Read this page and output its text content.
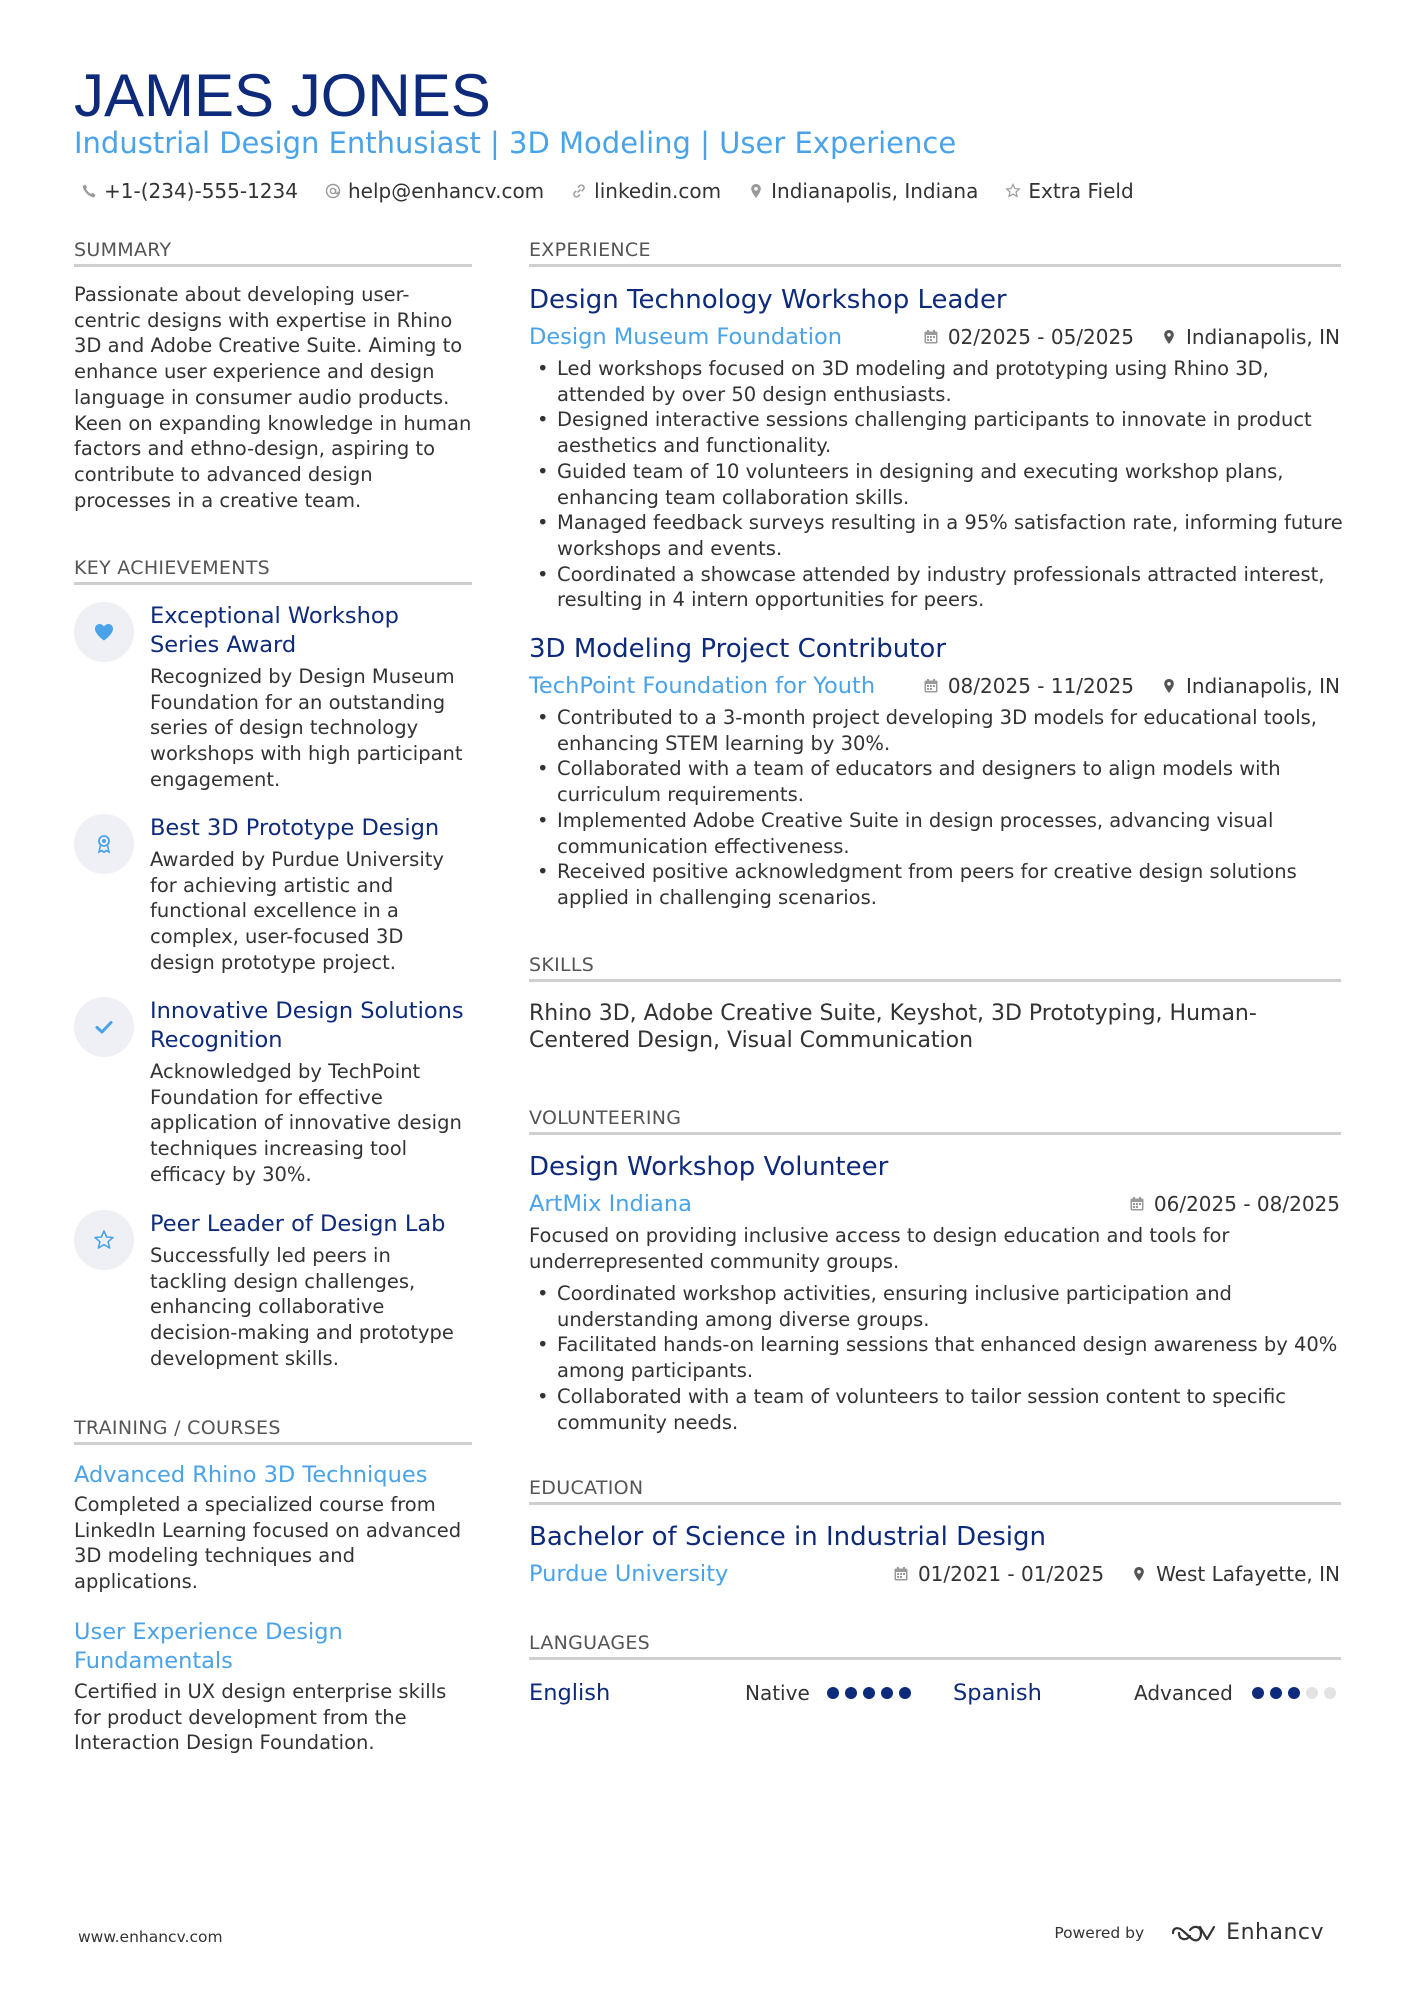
JAMES JONES
Industrial Design Enthusiast | 3D Modeling | User Experience
+1-(234)-555-1234	help@enhancv.com	linkedin.com	Indianapolis, Indiana	Extra Field
SUMMARY
Passionate about developing user-centric designs with expertise in Rhino 3D and Adobe Creative Suite. Aiming to enhance user experience and design language in consumer audio products. Keen on expanding knowledge in human factors and ethno-design, aspiring to contribute to advanced design processes in a creative team.
KEY ACHIEVEMENTS
Exceptional Workshop Series Award
Recognized by Design Museum Foundation for an outstanding series of design technology workshops with high participant engagement.
Best 3D Prototype Design
Awarded by Purdue University for achieving artistic and functional excellence in a complex, user-focused 3D design prototype project.
Innovative Design Solutions Recognition
Acknowledged by TechPoint Foundation for effective application of innovative design techniques increasing tool efficacy by 30%.
Peer Leader of Design Lab
Successfully led peers in tackling design challenges, enhancing collaborative decision-making and prototype development skills.
TRAINING / COURSES
Advanced Rhino 3D Techniques
Completed a specialized course from LinkedIn Learning focused on advanced 3D modeling techniques and applications.
User Experience Design Fundamentals
Certified in UX design enterprise skills for product development from the Interaction Design Foundation.
EXPERIENCE
Design Technology Workshop Leader
Design Museum Foundation	02/2025 - 05/2025	Indianapolis, IN
• Led workshops focused on 3D modeling and prototyping using Rhino 3D, attended by over 50 design enthusiasts.
• Designed interactive sessions challenging participants to innovate in product aesthetics and functionality.
• Guided team of 10 volunteers in designing and executing workshop plans, enhancing team collaboration skills.
• Managed feedback surveys resulting in a 95% satisfaction rate, informing future workshops and events.
• Coordinated a showcase attended by industry professionals attracted interest, resulting in 4 intern opportunities for peers.
3D Modeling Project Contributor
TechPoint Foundation for Youth	08/2025 - 11/2025	Indianapolis, IN
• Contributed to a 3-month project developing 3D models for educational tools, enhancing STEM learning by 30%.
• Collaborated with a team of educators and designers to align models with curriculum requirements.
• Implemented Adobe Creative Suite in design processes, advancing visual communication effectiveness.
• Received positive acknowledgment from peers for creative design solutions applied in challenging scenarios.
SKILLS
Rhino 3D, Adobe Creative Suite, Keyshot, 3D Prototyping, Human-Centered Design, Visual Communication
VOLUNTEERING
Design Workshop Volunteer
ArtMix Indiana	06/2025 - 08/2025
Focused on providing inclusive access to design education and tools for underrepresented community groups.
• Coordinated workshop activities, ensuring inclusive participation and understanding among diverse groups.
• Facilitated hands-on learning sessions that enhanced design awareness by 40% among participants.
• Collaborated with a team of volunteers to tailor session content to specific community needs.
EDUCATION
Bachelor of Science in Industrial Design
Purdue University	01/2021 - 01/2025	West Lafayette, IN
LANGUAGES
English	Native	Spanish	Advanced
www.enhancv.com	Powered by	Enhancv
